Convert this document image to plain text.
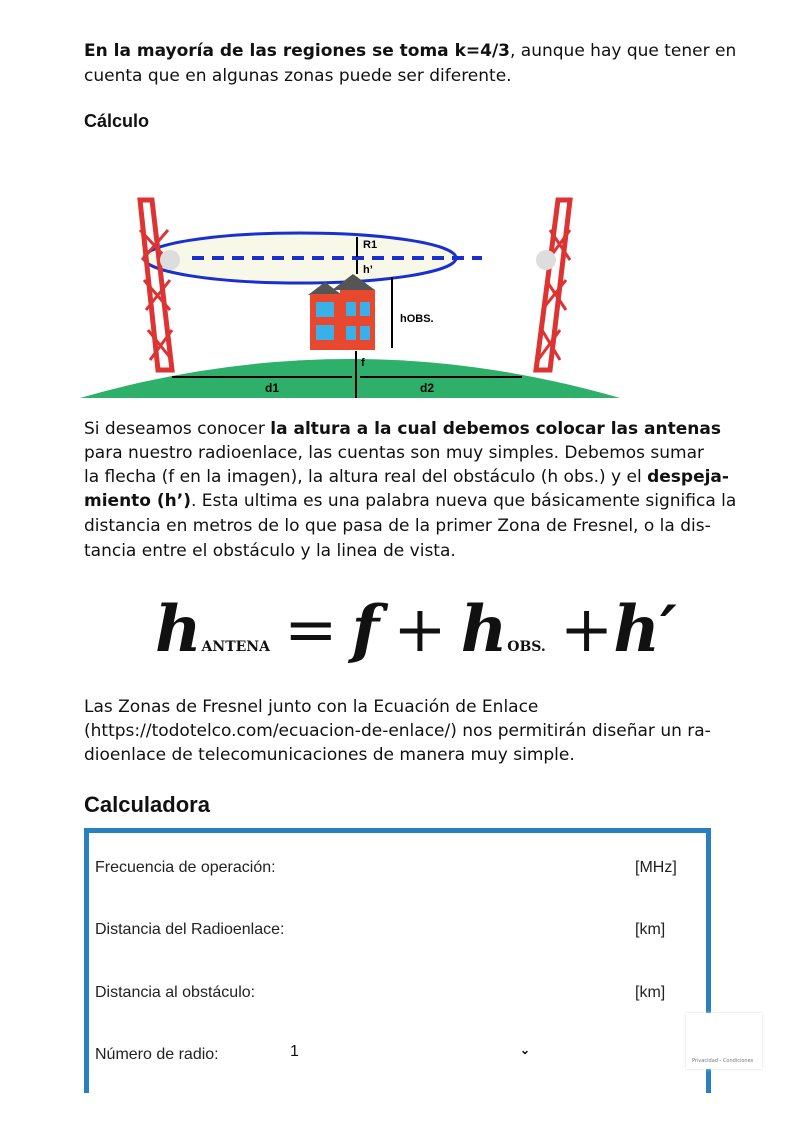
En la mayoría de las regiones se toma k=4/3, aunque hay que tener en
cuenta que en algunas zonas puede ser diferente.
Cálculo
R1
h’
hOBS.
f
d1	d2
Si deseamos conocer la altura a la cual debemos colocar las antenas
para nuestro radioenlace, las cuentas son muy simples. Debemos sumar
la flecha (f en la imagen), la altura real del obstáculo (h obs.) y el despeja-
miento (h’). Esta ultima es una palabra nueva que básicamente significa la
distancia en metros de lo que pasa de la primer Zona de Fresnel, o la dis-
tancia entre el obstáculo y la linea de vista.
hANTENA = f + hOBS. +h′
Las Zonas de Fresnel junto con la Ecuación de Enlace
(https://todotelco.com/ecuacion-de-enlace/) nos permitirán diseñar un ra-
dioenlace de telecomunicaciones de manera muy simple.
Calculadora
Frecuencia de operación:	[MHz]
Distancia del Radioenlace:	[km]
Distancia al obstáculo:	[km]
Número de radio:	1	⌄
Privacidad - Condiciones
